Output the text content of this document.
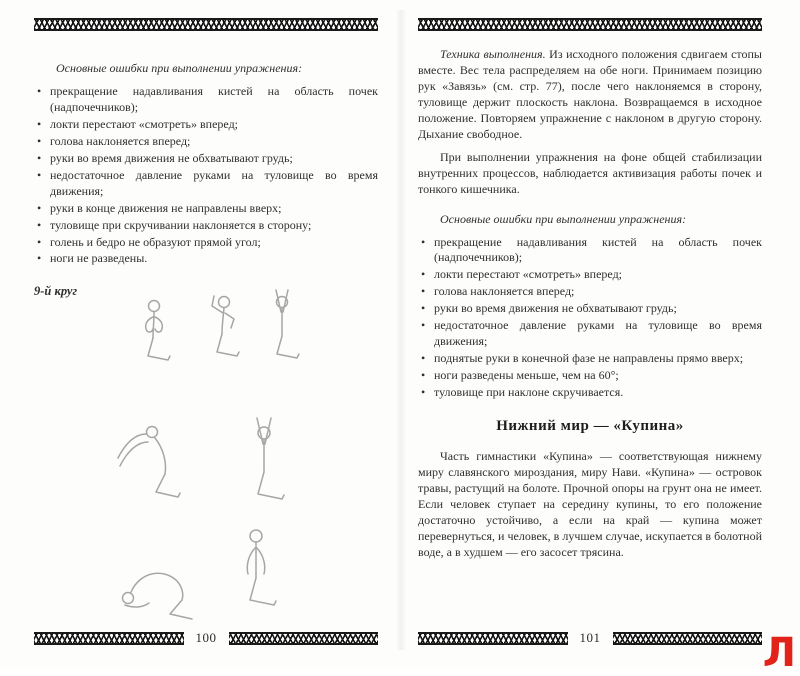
Основные ошибки при выполнении упражнения:
• прекращение надавливания кистей на область почек (надпочечников);
• локти перестают «смотреть» вперед;
• голова наклоняется вперед;
• руки во время движения не обхватывают грудь;
• недостаточное давление руками на туловище во время движения;
• руки в конце движения не направлены вверх;
• туловище при скручивании наклоняется в сторону;
• голень и бедро не образуют прямой угол;
• ноги не разведены.
9-й круг
100

Техника выполнения. Из исходного положения сдвигаем стопы вместе. Вес тела распределяем на обе ноги. Принимаем позицию рук «Завязь» (см. стр. 77), после чего наклоняемся в сторону, туловище держит плоскость наклона. Возвращаемся в исходное положение. Повторяем упражнение с наклоном в другую сторону. Дыхание свободное.

При выполнении упражнения на фоне общей стабилизации внутренних процессов, наблюдается активизация работы почек и тонкого кишечника.

Основные ошибки при выполнении упражнения:
• прекращение надавливания кистей на область почек (надпочечников);
• локти перестают «смотреть» вперед;
• голова наклоняется вперед;
• руки во время движения не обхватывают грудь;
• недостаточное давление руками на туловище во время движения;
• поднятые руки в конечной фазе не направлены прямо вверх;
• ноги разведены меньше, чем на 60°;
• туловище при наклоне скручивается.
Нижний мир — «Купина»

Часть гимнастики «Купина» — соответствующая нижнему миру славянского мироздания, миру Нави. «Купина» — островок травы, растущий на болоте. Прочной опоры на грунт она не имеет. Если человек ступает на середину купины, то его положение достаточно устойчиво, а если на край — купина может перевернуться, и человек, в лучшем случае, искупается в болотной воде, а в худшем — его засосет трясина.

101	Л
